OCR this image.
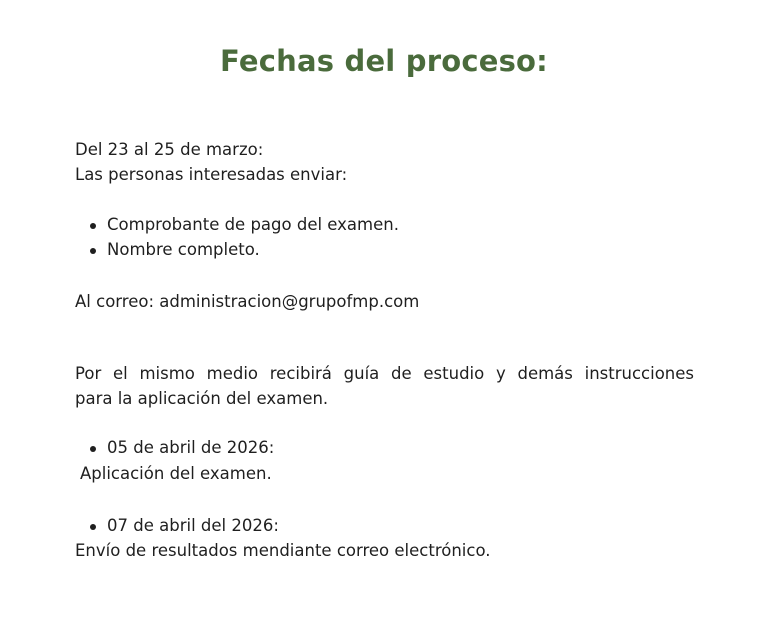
Fechas del proceso:
Del 23 al 25 de marzo:
Las personas interesadas enviar:
Comprobante de pago del examen.
Nombre completo.
Al correo: administracion@grupofmp.com
Por el mismo medio recibirá guía de estudio y demás instrucciones
para la aplicación del examen.
05 de abril de 2026:
Aplicación del examen.
07 de abril del 2026:
Envío de resultados mendiante correo electrónico.
